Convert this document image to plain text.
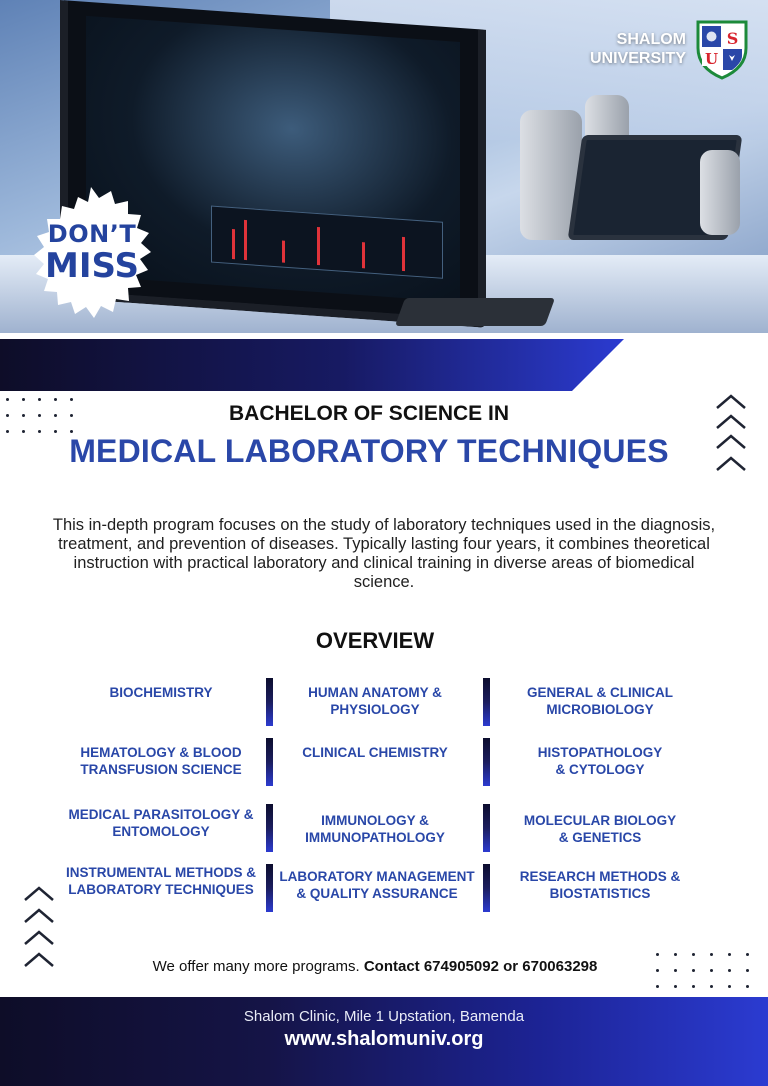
DON’T
MISS
SHALOM
UNIVERSITY
S
U
BACHELOR OF SCIENCE IN
MEDICAL LABORATORY TECHNIQUES
This in-depth program focuses on the study of laboratory techniques used in the diagnosis, treatment, and prevention of diseases. Typically lasting four years, it combines theoretical instruction with practical laboratory and clinical training in diverse areas of biomedical science.
OVERVIEW
BIOCHEMISTRY	HUMAN ANATOMY &
PHYSIOLOGY
GENERAL & CLINICAL
MICROBIOLOGY
HEMATOLOGY & BLOOD
TRANSFUSION SCIENCE
CLINICAL CHEMISTRY	HISTOPATHOLOGY
& CYTOLOGY
MEDICAL PARASITOLOGY &
ENTOMOLOGY
IMMUNOLOGY &
IMMUNOPATHOLOGY
MOLECULAR BIOLOGY
& GENETICS
INSTRUMENTAL METHODS &
LABORATORY TECHNIQUES
LABORATORY MANAGEMENT
& QUALITY ASSURANCE
RESEARCH METHODS &
BIOSTATISTICS
We offer many more programs. Contact 674905092 or 670063298
Shalom Clinic, Mile 1 Upstation, Bamenda
www.shalomuniv.org
